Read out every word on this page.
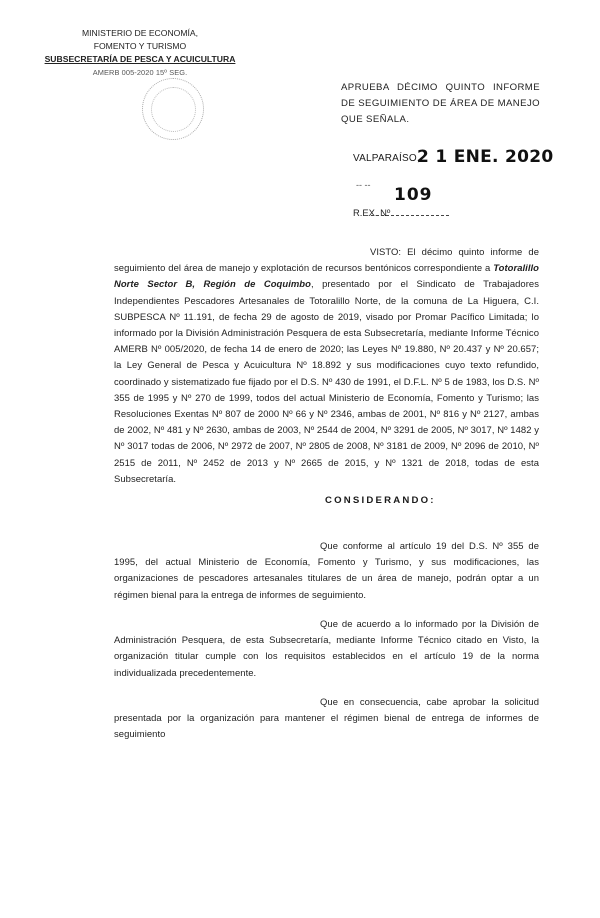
MINISTERIO DE ECONOMÍA,
FOMENTO Y TURISMO
SUBSECRETARÍA DE PESCA Y ACUICULTURA
AMERB 005-2020 15º SEG.
APRUEBA DÉCIMO QUINTO INFORME DE SEGUIMIENTO DE ÁREA DE MANEJO QUE SEÑALA.
VALPARAÍSO,
2 1 ENE. 2020
-- -- 109
R.EX. Nº
VISTO: El décimo quinto informe de seguimiento del área de manejo y explotación de recursos bentónicos correspondiente a Totoralillo Norte Sector B, Región de Coquimbo, presentado por el Sindicato de Trabajadores Independientes Pescadores Artesanales de Totoralillo Norte, de la comuna de La Higuera, C.I. SUBPESCA Nº 11.191, de fecha 29 de agosto de 2019, visado por Promar Pacífico Limitada; lo informado por la División Administración Pesquera de esta Subsecretaría, mediante Informe Técnico AMERB Nº 005/2020, de fecha 14 de enero de 2020; las Leyes Nº 19.880, Nº 20.437 y Nº 20.657; la Ley General de Pesca y Acuicultura Nº 18.892 y sus modificaciones cuyo texto refundido, coordinado y sistematizado fue fijado por el D.S. Nº 430 de 1991, el D.F.L. Nº 5 de 1983, los D.S. Nº 355 de 1995 y Nº 270 de 1999, todos del actual Ministerio de Economía, Fomento y Turismo; las Resoluciones Exentas Nº 807 de 2000 Nº 66 y Nº 2346, ambas de 2001, Nº 816 y Nº 2127, ambas de 2002, Nº 481 y Nº 2630, ambas de 2003, Nº 2544 de 2004, Nº 3291 de 2005, Nº 3017, Nº 1482 y Nº 3017 todas de 2006, Nº 2972 de 2007, Nº 2805 de 2008, Nº 3181 de 2009, Nº 2096 de 2010, Nº 2515 de 2011, Nº 2452 de 2013 y Nº 2665 de 2015, y Nº 1321 de 2018, todas de esta Subsecretaría.
CONSIDERANDO:
Que conforme al artículo 19 del D.S. Nº 355 de 1995, del actual Ministerio de Economía, Fomento y Turismo, y sus modificaciones, las organizaciones de pescadores artesanales titulares de un área de manejo, podrán optar a un régimen bienal para la entrega de informes de seguimiento.
Que de acuerdo a lo informado por la División de Administración Pesquera, de esta Subsecretaría, mediante Informe Técnico citado en Visto, la organización titular cumple con los requisitos establecidos en el artículo 19 de la norma individualizada precedentemente.
Que en consecuencia, cabe aprobar la solicitud presentada por la organización para mantener el régimen bienal de entrega de informes de seguimiento
